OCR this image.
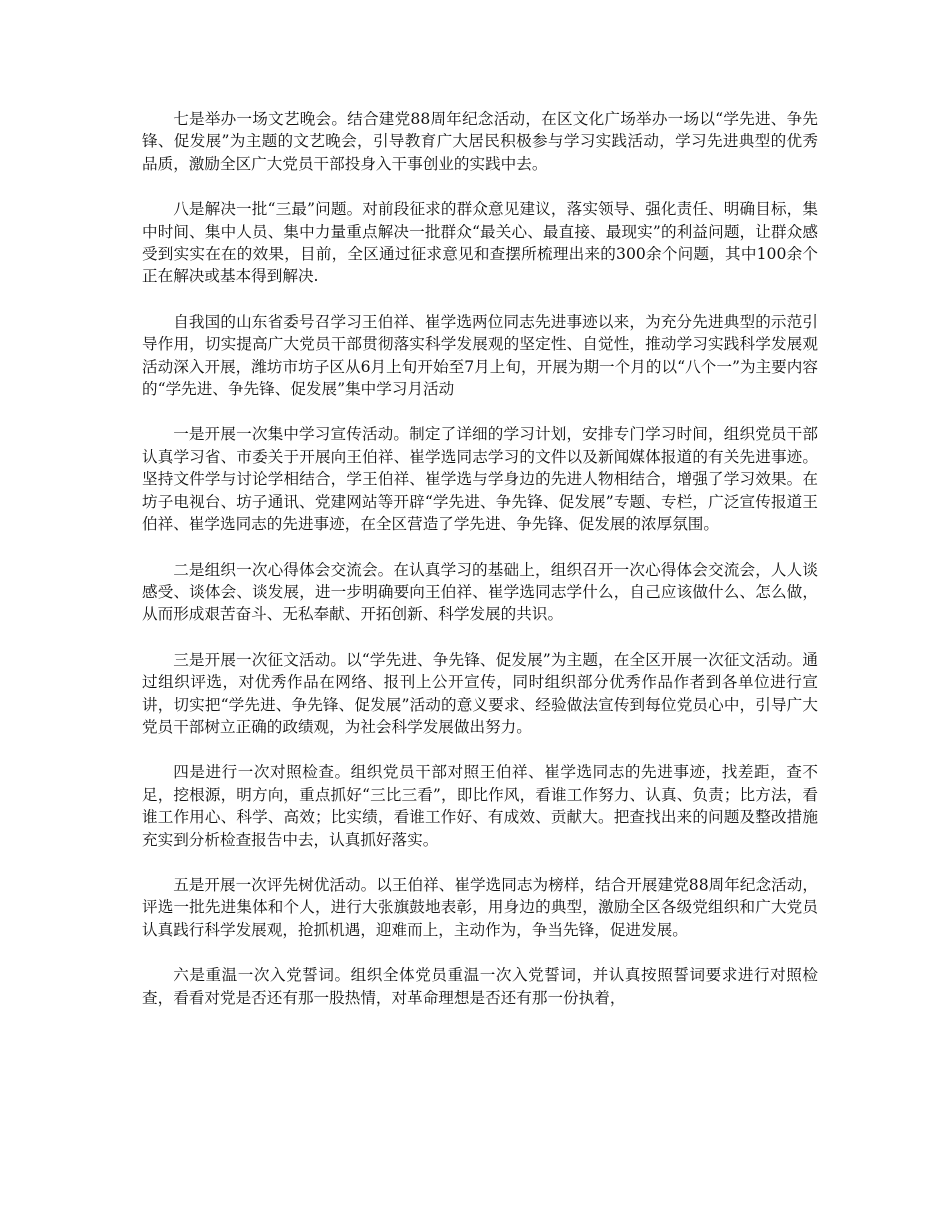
七是举办一场文艺晚会。结合建党88周年纪念活动，在区文化广场举办一场以“学先进、争先锋、促发展”为主题的文艺晚会，引导教育广大居民积极参与学习实践活动，学习先进典型的优秀品质，激励全区广大党员干部投身入干事创业的实践中去。

八是解决一批“三最”问题。对前段征求的群众意见建议，落实领导、强化责任、明确目标，集中时间、集中人员、集中力量重点解决一批群众“最关心、最直接、最现实”的利益问题，让群众感受到实实在在的效果，目前，全区通过征求意见和查摆所梳理出来的300余个问题，其中100余个正在解决或基本得到解决.

自我国的山东省委号召学习王伯祥、崔学选两位同志先进事迹以来，为充分先进典型的示范引导作用，切实提高广大党员干部贯彻落实科学发展观的坚定性、自觉性，推动学习实践科学发展观活动深入开展，潍坊市坊子区从6月上旬开始至7月上旬，开展为期一个月的以“八个一”为主要内容的“学先进、争先锋、促发展”集中学习月活动

一是开展一次集中学习宣传活动。制定了详细的学习计划，安排专门学习时间，组织党员干部认真学习省、市委关于开展向王伯祥、崔学选同志学习的文件以及新闻媒体报道的有关先进事迹。坚持文件学与讨论学相结合，学王伯祥、崔学选与学身边的先进人物相结合，增强了学习效果。在坊子电视台、坊子通讯、党建网站等开辟“学先进、争先锋、促发展”专题、专栏，广泛宣传报道王伯祥、崔学选同志的先进事迹，在全区营造了学先进、争先锋、促发展的浓厚氛围。

二是组织一次心得体会交流会。在认真学习的基础上，组织召开一次心得体会交流会，人人谈感受、谈体会、谈发展，进一步明确要向王伯祥、崔学选同志学什么，自己应该做什么、怎么做，从而形成艰苦奋斗、无私奉献、开拓创新、科学发展的共识。

三是开展一次征文活动。以“学先进、争先锋、促发展”为主题，在全区开展一次征文活动。通过组织评选，对优秀作品在网络、报刊上公开宣传，同时组织部分优秀作品作者到各单位进行宣讲，切实把“学先进、争先锋、促发展”活动的意义要求、经验做法宣传到每位党员心中，引导广大党员干部树立正确的政绩观，为社会科学发展做出努力。

四是进行一次对照检查。组织党员干部对照王伯祥、崔学选同志的先进事迹，找差距，查不足，挖根源，明方向，重点抓好“三比三看”，即比作风，看谁工作努力、认真、负责；比方法，看谁工作用心、科学、高效；比实绩，看谁工作好、有成效、贡献大。把查找出来的问题及整改措施充实到分析检查报告中去，认真抓好落实。

五是开展一次评先树优活动。以王伯祥、崔学选同志为榜样，结合开展建党88周年纪念活动，评选一批先进集体和个人，进行大张旗鼓地表彰，用身边的典型，激励全区各级党组织和广大党员认真践行科学发展观，抢抓机遇，迎难而上，主动作为，争当先锋，促进发展。

六是重温一次入党誓词。组织全体党员重温一次入党誓词，并认真按照誓词要求进行对照检查，看看对党是否还有那一股热情，对革命理想是否还有那一份执着，
